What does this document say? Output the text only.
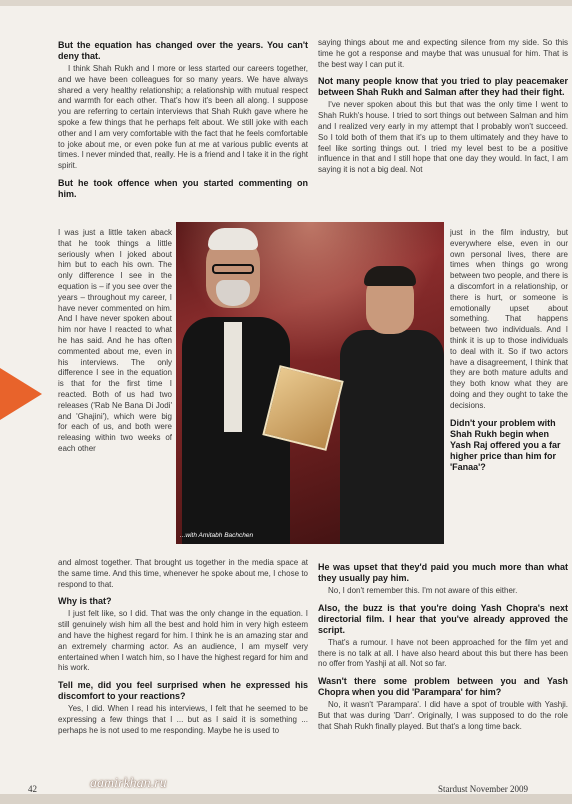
But the equation has changed over the years. You can't deny that.

I think Shah Rukh and I more or less started our careers together, and we have been colleagues for so many years. We have always shared a very healthy relationship; a relationship with mutual respect and warmth for each other. That's how it's been all along. I suppose you are referring to certain interviews that Shah Rukh gave where he spoke a few things that he perhaps felt about. We still joke with each other and I am very comfortable with the fact that he feels comfortable to joke about me, or even poke fun at me at various public events at times. I never minded that, really. He is a friend and I take it in the right spirit.

But he took offence when you started commenting on him.

I was just a little taken aback that he took things a little seriously when I joked about him but to each his own. The only difference I see in the equation is – if you see over the years – throughout my career, I have never commented on him. And I have never spoken about him nor have I reacted to what he has said. And he has often commented about me, even in his interviews. The only difference I see in the equation is that for the first time I reacted. Both of us had two releases ('Rab Ne Bana Di Jodi' and 'Ghajini'), which were big for each of us, and both were releasing within two weeks of each other

and almost together. That brought us together in the media space at the same time. And this time, whenever he spoke about me, I chose to respond to that.

Why is that?

I just felt like, so I did. That was the only change in the equation. I still genuinely wish him all the best and hold him in very high esteem and have the highest regard for him. I think he is an amazing star and an extremely charming actor. As an audience, I am myself very entertained when I watch him, so I have the highest regard for him and his work.

Tell me, did you feel surprised when he expressed his discomfort to your reactions?

Yes, I did. When I read his interviews, I felt that he seemed to be expressing a few things that I ... but as I said it is something ... perhaps he is not used to me responding. Maybe he is used to

saying things about me and expecting silence from my side. So this time he got a response and maybe that was unusual for him. That is the best way I can put it.

Not many people know that you tried to play peacemaker between Shah Rukh and Salman after they had their fight.

I've never spoken about this but that was the only time I went to Shah Rukh's house. I tried to sort things out between Salman and him and I realized very early in my attempt that I probably won't succeed. So I told both of them that it's up to them ultimately and they have to feel like sorting things out. I tried my level best to be a positive influence in that and I still hope that one day they would. In fact, I am saying it is not a big deal. Not

just in the film industry, but everywhere else, even in our own personal lives, there are times when things go wrong between two people, and there is a discomfort in a relationship, or there is hurt, or someone is emotionally upset about something. That happens between two individuals. And I think it is up to those individuals to deal with it. So if two actors have a disagreement, I think that they are both mature adults and they both know what they are doing and they ought to take the decisions.

Didn't your problem with Shah Rukh begin when Yash Raj offered you a far higher price than him for 'Fanaa'?
He was upset that they'd paid you much more than what they usually pay him.

No, I don't remember this. I'm not aware of this either.

Also, the buzz is that you're doing Yash Chopra's next directorial film. I hear that you've already approved the script.

That's a rumour. I have not been approached for the film yet and there is no talk at all. I have also heard about this but there has been no offer from Yashji at all. Not so far.

Wasn't there some problem between you and Yash Chopra when you did 'Parampara' for him?

No, it wasn't 'Parampara'. I did have a spot of trouble with Yashji. But that was during 'Darr'. Originally, I was supposed to do the role that Shah Rukh finally played. But that's a long time back.

...with Amitabh Bachchen
42	aamirkhan.ru	Stardust November 2009
